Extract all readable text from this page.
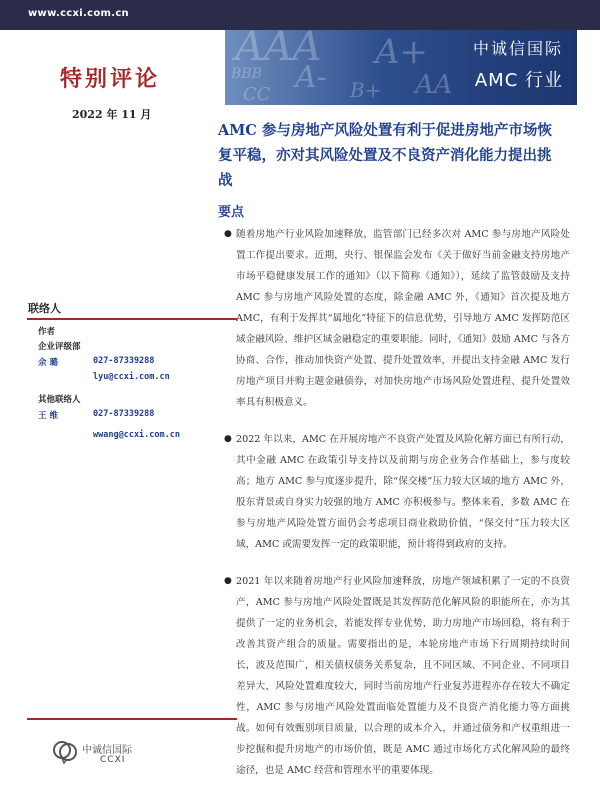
www.ccxi.com.cn
AAA A+
BBB A-
CC	AA
B+
中诚信国际
AMC 行业
特别评论
2022 年 11 月
联络人
作者
企业评级部
余 璐	027-87339288
lyu@ccxi.com.cn
其他联络人
王 维	027-87339288
wwang@ccxi.com.cn
中诚信国际
CCXI
AMC 参与房地产风险处置有利于促进房地产市场恢复平稳，亦对其风险处置及不良资产消化能力提出挑战
要点
● 随着房地产行业风险加速释放，监管部门已经多次对 AMC 参与房地产风险处置工作提出要求。近期，央行、银保监会发布《关于做好当前金融支持房地产市场平稳健康发展工作的通知》（以下简称《通知》），延续了监管鼓励及支持 AMC 参与房地产风险处置的态度，除金融 AMC 外，《通知》首次提及地方 AMC，有利于发挥其“属地化”特征下的信息优势，引导地方 AMC 发挥防范区域金融风险、维护区域金融稳定的重要职能。同时，《通知》鼓励 AMC 与各方协商、合作，推动加快资产处置、提升处置效率，并提出支持金融 AMC 发行房地产项目并购主题金融债券，对加快房地产市场风险处置进程、提升处置效率具有积极意义。
● 2022 年以来，AMC 在开展房地产不良资产处置及风险化解方面已有所行动，其中金融 AMC 在政策引导支持以及前期与房企业务合作基础上，参与度较高；地方 AMC 参与度逐步提升，除“保交楼”压力较大区域的地方 AMC 外，股东背景或自身实力较强的地方 AMC 亦积极参与。整体来看，多数 AMC 在参与房地产风险处置方面仍会考虑项目商业救助价值，“保交付”压力较大区域，AMC 或需要发挥一定的政策职能，预计将得到政府的支持。
● 2021 年以来随着房地产行业风险加速释放，房地产领域积累了一定的不良资产，AMC 参与房地产风险处置既是其发挥防范化解风险的职能所在，亦为其提供了一定的业务机会，若能发挥专业优势，助力房地产市场回稳，将有利于改善其资产组合的质量。需要指出的是，本轮房地产市场下行周期持续时间长，波及范围广，相关债权债务关系复杂，且不同区域、不同企业、不同项目差异大，风险处置难度较大，同时当前房地产行业复苏进程亦存在较大不确定性，AMC 参与房地产风险处置面临处置能力及不良资产消化能力等方面挑战。如何有效甄别项目质量，以合理的成本介入，并通过债务和产权重组进一步挖掘和提升房地产的市场价值，既是 AMC 通过市场化方式化解风险的最终途径，也是 AMC 经营和管理水平的重要体现。
